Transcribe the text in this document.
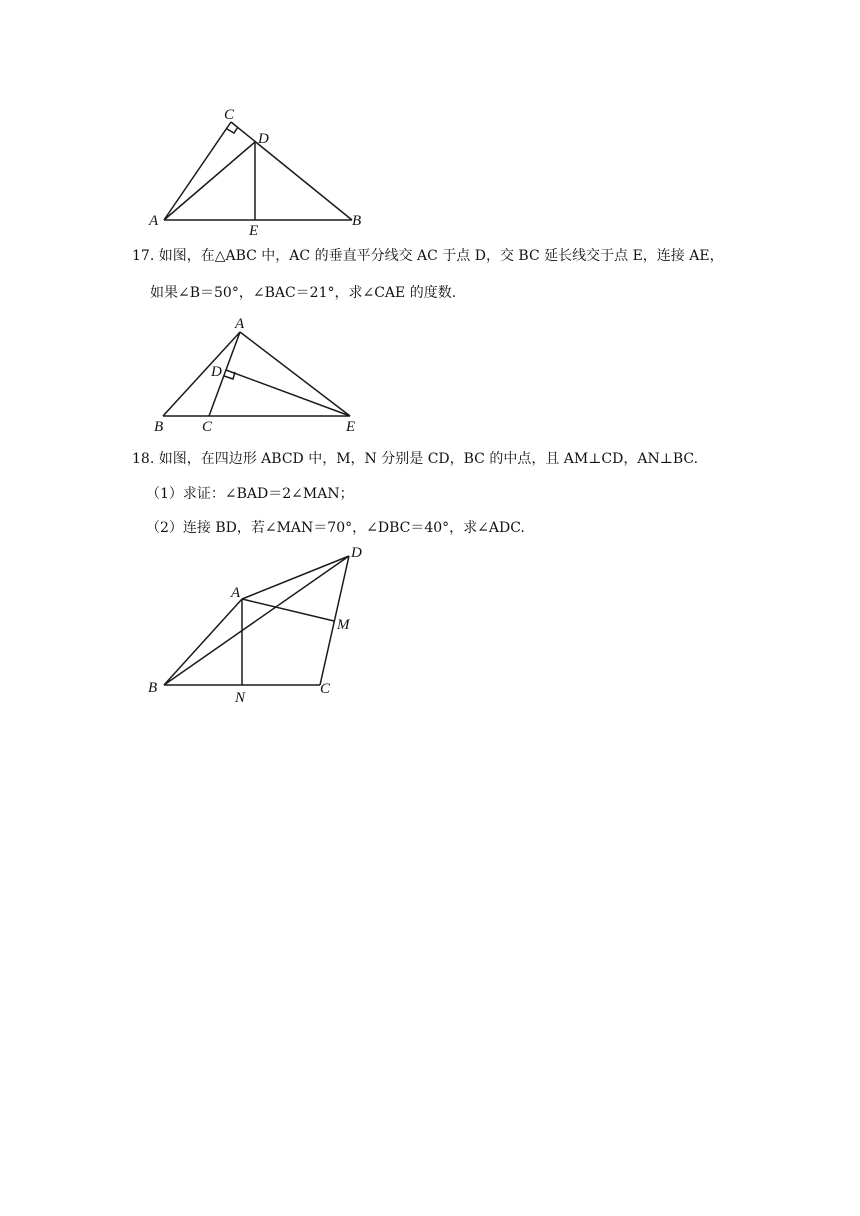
C
D
A
E
B
17. 如图，在△ABC 中，AC 的垂直平分线交 AC 于点 D，交 BC 延长线交于点 E，连接 AE，
如果∠B＝50°，∠BAC＝21°，求∠CAE 的度数.
A
D
B	C	E
18. 如图，在四边形 ABCD 中，M，N 分别是 CD，BC 的中点，且 AM⊥CD，AN⊥BC.
（1）求证：∠BAD＝2∠MAN；
（2）连接 BD，若∠MAN＝70°，∠DBC＝40°，求∠ADC.
D
A
M
B
N
C
